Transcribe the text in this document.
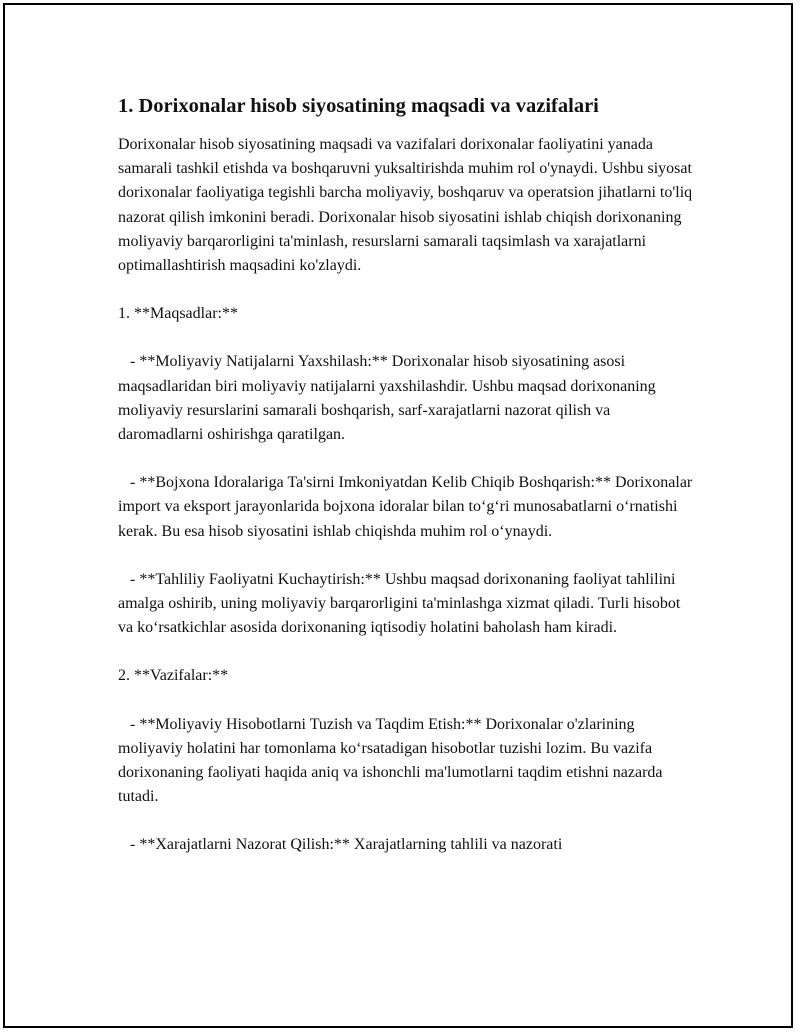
1. Dorixonalar hisob siyosatining maqsadi va vazifalari

Dorixonalar hisob siyosatining maqsadi va vazifalari dorixonalar faoliyatini yanada samarali tashkil etishda va boshqaruvni yuksaltirishda muhim rol o'ynaydi. Ushbu siyosat dorixonalar faoliyatiga tegishli barcha moliyaviy, boshqaruv va operatsion jihatlarni to'liq nazorat qilish imkonini beradi. Dorixonalar hisob siyosatini ishlab chiqish dorixonaning moliyaviy barqarorligini ta'minlash, resurslarni samarali taqsimlash va xarajatlarni optimallashtirish maqsadini ko'zlaydi.

1. **Maqsadlar:**

- **Moliyaviy Natijalarni Yaxshilash:** Dorixonalar hisob siyosatining asosi maqsadlaridan biri moliyaviy natijalarni yaxshilashdir. Ushbu maqsad dorixonaning moliyaviy resurslarini samarali boshqarish, sarf-xarajatlarni nazorat qilish va daromadlarni oshirishga qaratilgan.

- **Bojxona Idoralariga Ta'sirni Imkoniyatdan Kelib Chiqib Boshqarish:** Dorixonalar import va eksport jarayonlarida bojxona idoralar bilan toʻgʻri munosabatlarni oʻrnatishi kerak. Bu esa hisob siyosatini ishlab chiqishda muhim rol oʻynaydi.

- **Tahliliy Faoliyatni Kuchaytirish:** Ushbu maqsad dorixonaning faoliyat tahlilini amalga oshirib, uning moliyaviy barqarorligini ta'minlashga xizmat qiladi. Turli hisobot va koʻrsatkichlar asosida dorixonaning iqtisodiy holatini baholash ham kiradi.

2. **Vazifalar:**

- **Moliyaviy Hisobotlarni Tuzish va Taqdim Etish:** Dorixonalar o'zlarining moliyaviy holatini har tomonlama koʻrsatadigan hisobotlar tuzishi lozim. Bu vazifa dorixonaning faoliyati haqida aniq va ishonchli ma'lumotlarni taqdim etishni nazarda tutadi.

- **Xarajatlarni Nazorat Qilish:** Xarajatlarning tahlili va nazorati
